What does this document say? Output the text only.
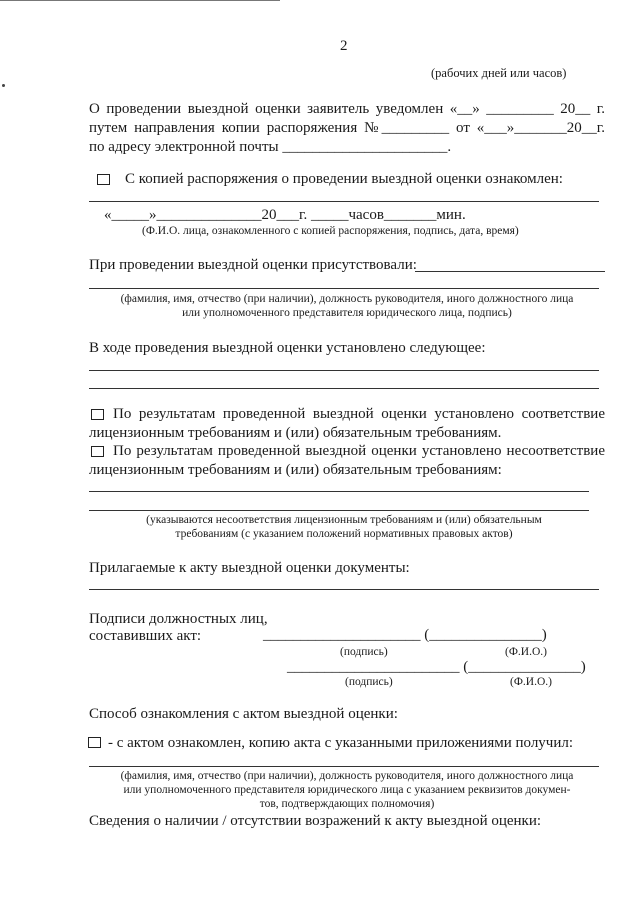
2
(рабочих дней или часов)
О проведении выездной оценки заявитель уведомлен «__» _________ 20__ г.
путем направления копии распоряжения №_________ от «___»_______20__г.
по адресу электронной почты ______________________.
С копией распоряжения о проведении выездной оценки ознакомлен:
«_____»______________20___г. _____часов_______мин.
(Ф.И.О. лица, ознакомленного с копией распоряжения, подпись, дата, время)
При проведении выездной оценки присутствовали:
(фамилия, имя, отчество (при наличии), должность руководителя, иного должностного лица
или уполномоченного представителя юридического лица, подпись)
В ходе проведения выездной оценки установлено следующее:
По результатам проведенной выездной оценки установлено соответствие
лицензионным требованиям и (или) обязательным требованиям.
По результатам проведенной выездной оценки установлено несоответствие
лицензионным требованиям и (или) обязательным требованиям:
(указываются несоответствия лицензионным требованиям и (или) обязательным
требованиям (с указанием положений нормативных правовых актов)
Прилагаемые к акту выездной оценки документы:
Подписи должностных лиц,
составивших акт:	_____________________ (_______________)
(подпись)	(Ф.И.О.)
_______________________ (_______________)
(подпись)	(Ф.И.О.)
Способ ознакомления с актом выездной оценки:
- с актом ознакомлен, копию акта с указанными приложениями получил:
(фамилия, имя, отчество (при наличии), должность руководителя, иного должностного лица
или уполномоченного представителя юридического лица с указанием реквизитов докумен-
тов, подтверждающих полномочия)
Сведения о наличии / отсутствии возражений к акту выездной оценки:
